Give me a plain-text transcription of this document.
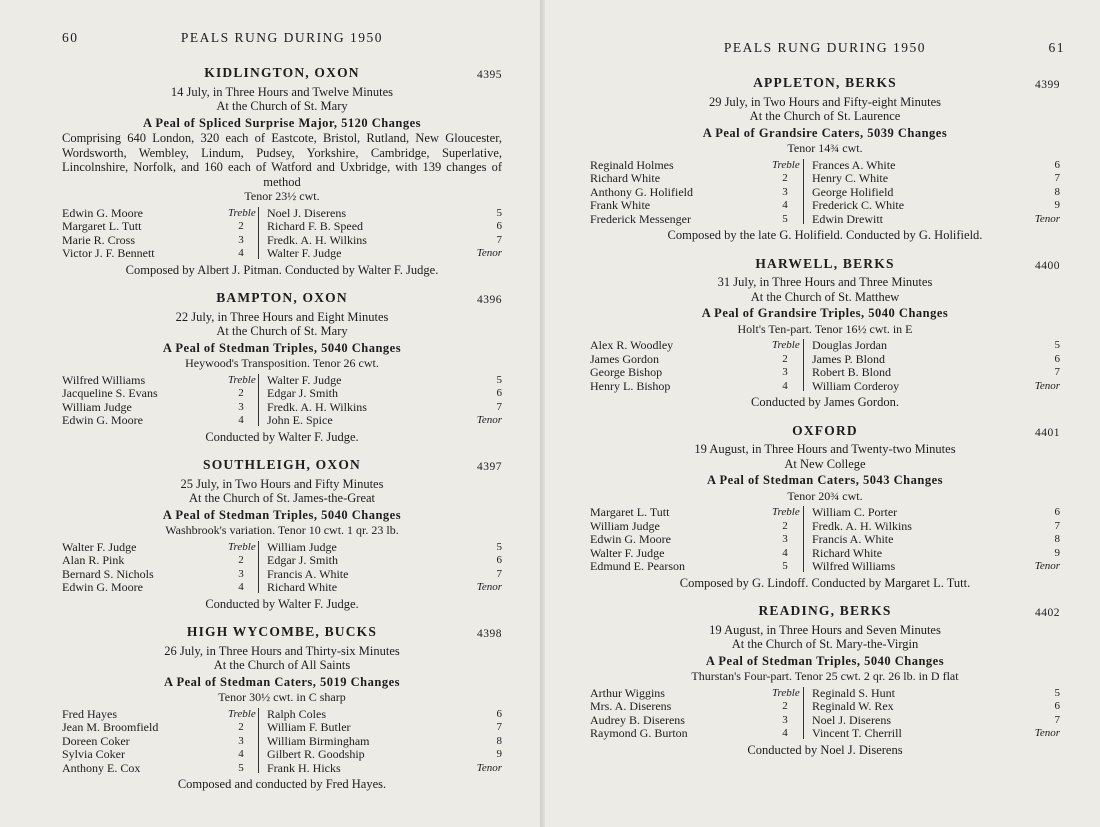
60	PEALS RUNG DURING 1950
KIDLINGTON, OXON	4395
14 July, in Three Hours and Twelve Minutes
At the Church of St. Mary
A Peal of Spliced Surprise Major, 5120 Changes
Comprising 640 London, 320 each of Eastcote, Bristol, Rutland, New Gloucester, Wordsworth, Wembley, Lindum, Pudsey, Yorkshire, Cambridge, Superlative, Lincolnshire, Norfolk, and 160 each of Watford and Uxbridge, with 139 changes of method
Tenor 23½ cwt.
Edwin G. Moore	Treble Noel J. Diserens	5
Margaret L. Tutt	2	Richard F. B. Speed	6
Marie R. Cross	3	Fredk. A. H. Wilkins	7
Victor J. F. Bennett	4	Walter F. Judge	Tenor
Composed by Albert J. Pitman. Conducted by Walter F. Judge.
BAMPTON, OXON	4396
22 July, in Three Hours and Eight Minutes
At the Church of St. Mary
A Peal of Stedman Triples, 5040 Changes
Heywood's Transposition. Tenor 26 cwt.
Wilfred Williams	Treble Walter F. Judge	5
Jacqueline S. Evans	2	Edgar J. Smith	6
William Judge	3	Fredk. A. H. Wilkins	7
Edwin G. Moore	4	John E. Spice	Tenor
Conducted by Walter F. Judge.
SOUTHLEIGH, OXON	4397
25 July, in Two Hours and Fifty Minutes
At the Church of St. James-the-Great
A Peal of Stedman Triples, 5040 Changes
Washbrook's variation. Tenor 10 cwt. 1 qr. 23 lb.
Walter F. Judge	Treble William Judge	5
Alan R. Pink	2	Edgar J. Smith	6
Bernard S. Nichols	3	Francis A. White	7
Edwin G. Moore	4	Richard White	Tenor
Conducted by Walter F. Judge.
HIGH WYCOMBE, BUCKS	4398
26 July, in Three Hours and Thirty-six Minutes
At the Church of All Saints
A Peal of Stedman Caters, 5019 Changes
Tenor 30½ cwt. in C sharp
Fred Hayes	Treble Ralph Coles	6
Jean M. Broomfield	2	William F. Butler	7
Doreen Coker	3	William Birmingham	8
Sylvia Coker	4	Gilbert R. Goodship	9
Anthony E. Cox	5	Frank H. Hicks	Tenor
Composed and conducted by Fred Hayes.
PEALS RUNG DURING 1950	61
APPLETON, BERKS	4399
29 July, in Two Hours and Fifty-eight Minutes
At the Church of St. Laurence
A Peal of Grandsire Caters, 5039 Changes
Tenor 14¾ cwt.
Reginald Holmes	Treble Frances A. White	6
Richard White	2	Henry C. White	7
Anthony G. Holifield	3	George Holifield	8
Frank White	4	Frederick C. White	9
Frederick Messenger	5	Edwin Drewitt	Tenor
Composed by the late G. Holifield. Conducted by G. Holifield.
HARWELL, BERKS	4400
31 July, in Three Hours and Three Minutes
At the Church of St. Matthew
A Peal of Grandsire Triples, 5040 Changes
Holt's Ten-part. Tenor 16½ cwt. in E
Alex R. Woodley	Treble Douglas Jordan	5
James Gordon	2	James P. Blond	6
George Bishop	3	Robert B. Blond	7
Henry L. Bishop	4	William Corderoy	Tenor
Conducted by James Gordon.
OXFORD	4401
19 August, in Three Hours and Twenty-two Minutes
At New College
A Peal of Stedman Caters, 5043 Changes
Tenor 20¾ cwt.
Margaret L. Tutt	Treble William C. Porter	6
William Judge	2	Fredk. A. H. Wilkins	7
Edwin G. Moore	3	Francis A. White	8
Walter F. Judge	4	Richard White	9
Edmund E. Pearson	5	Wilfred Williams	Tenor
Composed by G. Lindoff. Conducted by Margaret L. Tutt.
READING, BERKS	4402
19 August, in Three Hours and Seven Minutes
At the Church of St. Mary-the-Virgin
A Peal of Stedman Triples, 5040 Changes
Thurstan's Four-part. Tenor 25 cwt. 2 qr. 26 lb. in D flat
Arthur Wiggins	Treble Reginald S. Hunt	5
Mrs. A. Diserens	2	Reginald W. Rex	6
Audrey B. Diserens	3	Noel J. Diserens	7
Raymond G. Burton	4	Vincent T. Cherrill	Tenor
Conducted by Noel J. Diserens
